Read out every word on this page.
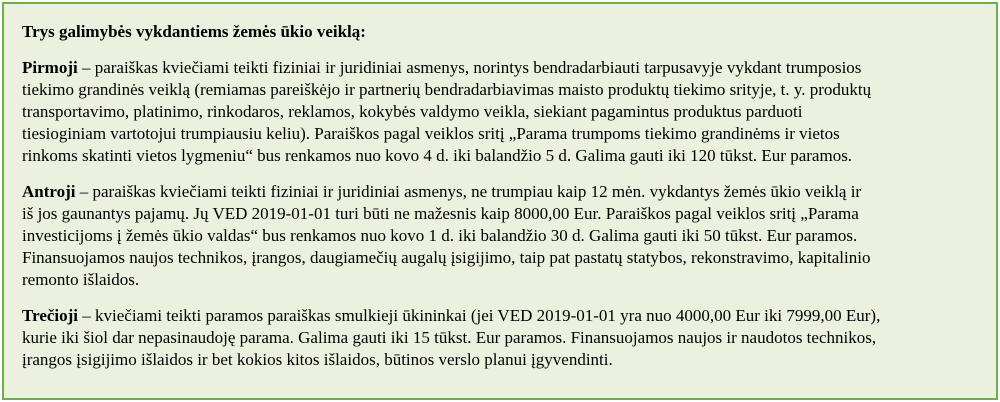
Trys galimybės vykdantiems žemės ūkio veiklą:

Pirmoji – paraiškas kviečiami teikti fiziniai ir juridiniai asmenys, norintys bendradarbiauti tarpusavyje vykdant trumposios
tiekimo grandinės veiklą (remiamas pareiškėjo ir partnerių bendradarbiavimas maisto produktų tiekimo srityje, t. y. produktų
transportavimo, platinimo, rinkodaros, reklamos, kokybės valdymo veikla, siekiant pagamintus produktus parduoti
tiesioginiam vartotojui trumpiausiu keliu). Paraiškos pagal veiklos sritį „Parama trumpoms tiekimo grandinėms ir vietos
rinkoms skatinti vietos lygmeniu“ bus renkamos nuo kovo 4 d. iki balandžio 5 d. Galima gauti iki 120 tūkst. Eur paramos.

Antroji – paraiškas kviečiami teikti fiziniai ir juridiniai asmenys, ne trumpiau kaip 12 mėn. vykdantys žemės ūkio veiklą ir
iš jos gaunantys pajamų. Jų VED 2019-01-01 turi būti ne mažesnis kaip 8000,00 Eur. Paraiškos pagal veiklos sritį „Parama
investicijoms į žemės ūkio valdas“ bus renkamos nuo kovo 1 d. iki balandžio 30 d. Galima gauti iki 50 tūkst. Eur paramos.
Finansuojamos naujos technikos, įrangos, daugiamečių augalų įsigijimo, taip pat pastatų statybos, rekonstravimo, kapitalinio
remonto išlaidos.

Trečioji – kviečiami teikti paramos paraiškas smulkieji ūkininkai (jei VED 2019-01-01 yra nuo 4000,00 Eur iki 7999,00 Eur),
kurie iki šiol dar nepasinaudoję parama. Galima gauti iki 15 tūkst. Eur paramos. Finansuojamos naujos ir naudotos technikos,
įrangos įsigijimo išlaidos ir bet kokios kitos išlaidos, būtinos verslo planui įgyvendinti.
